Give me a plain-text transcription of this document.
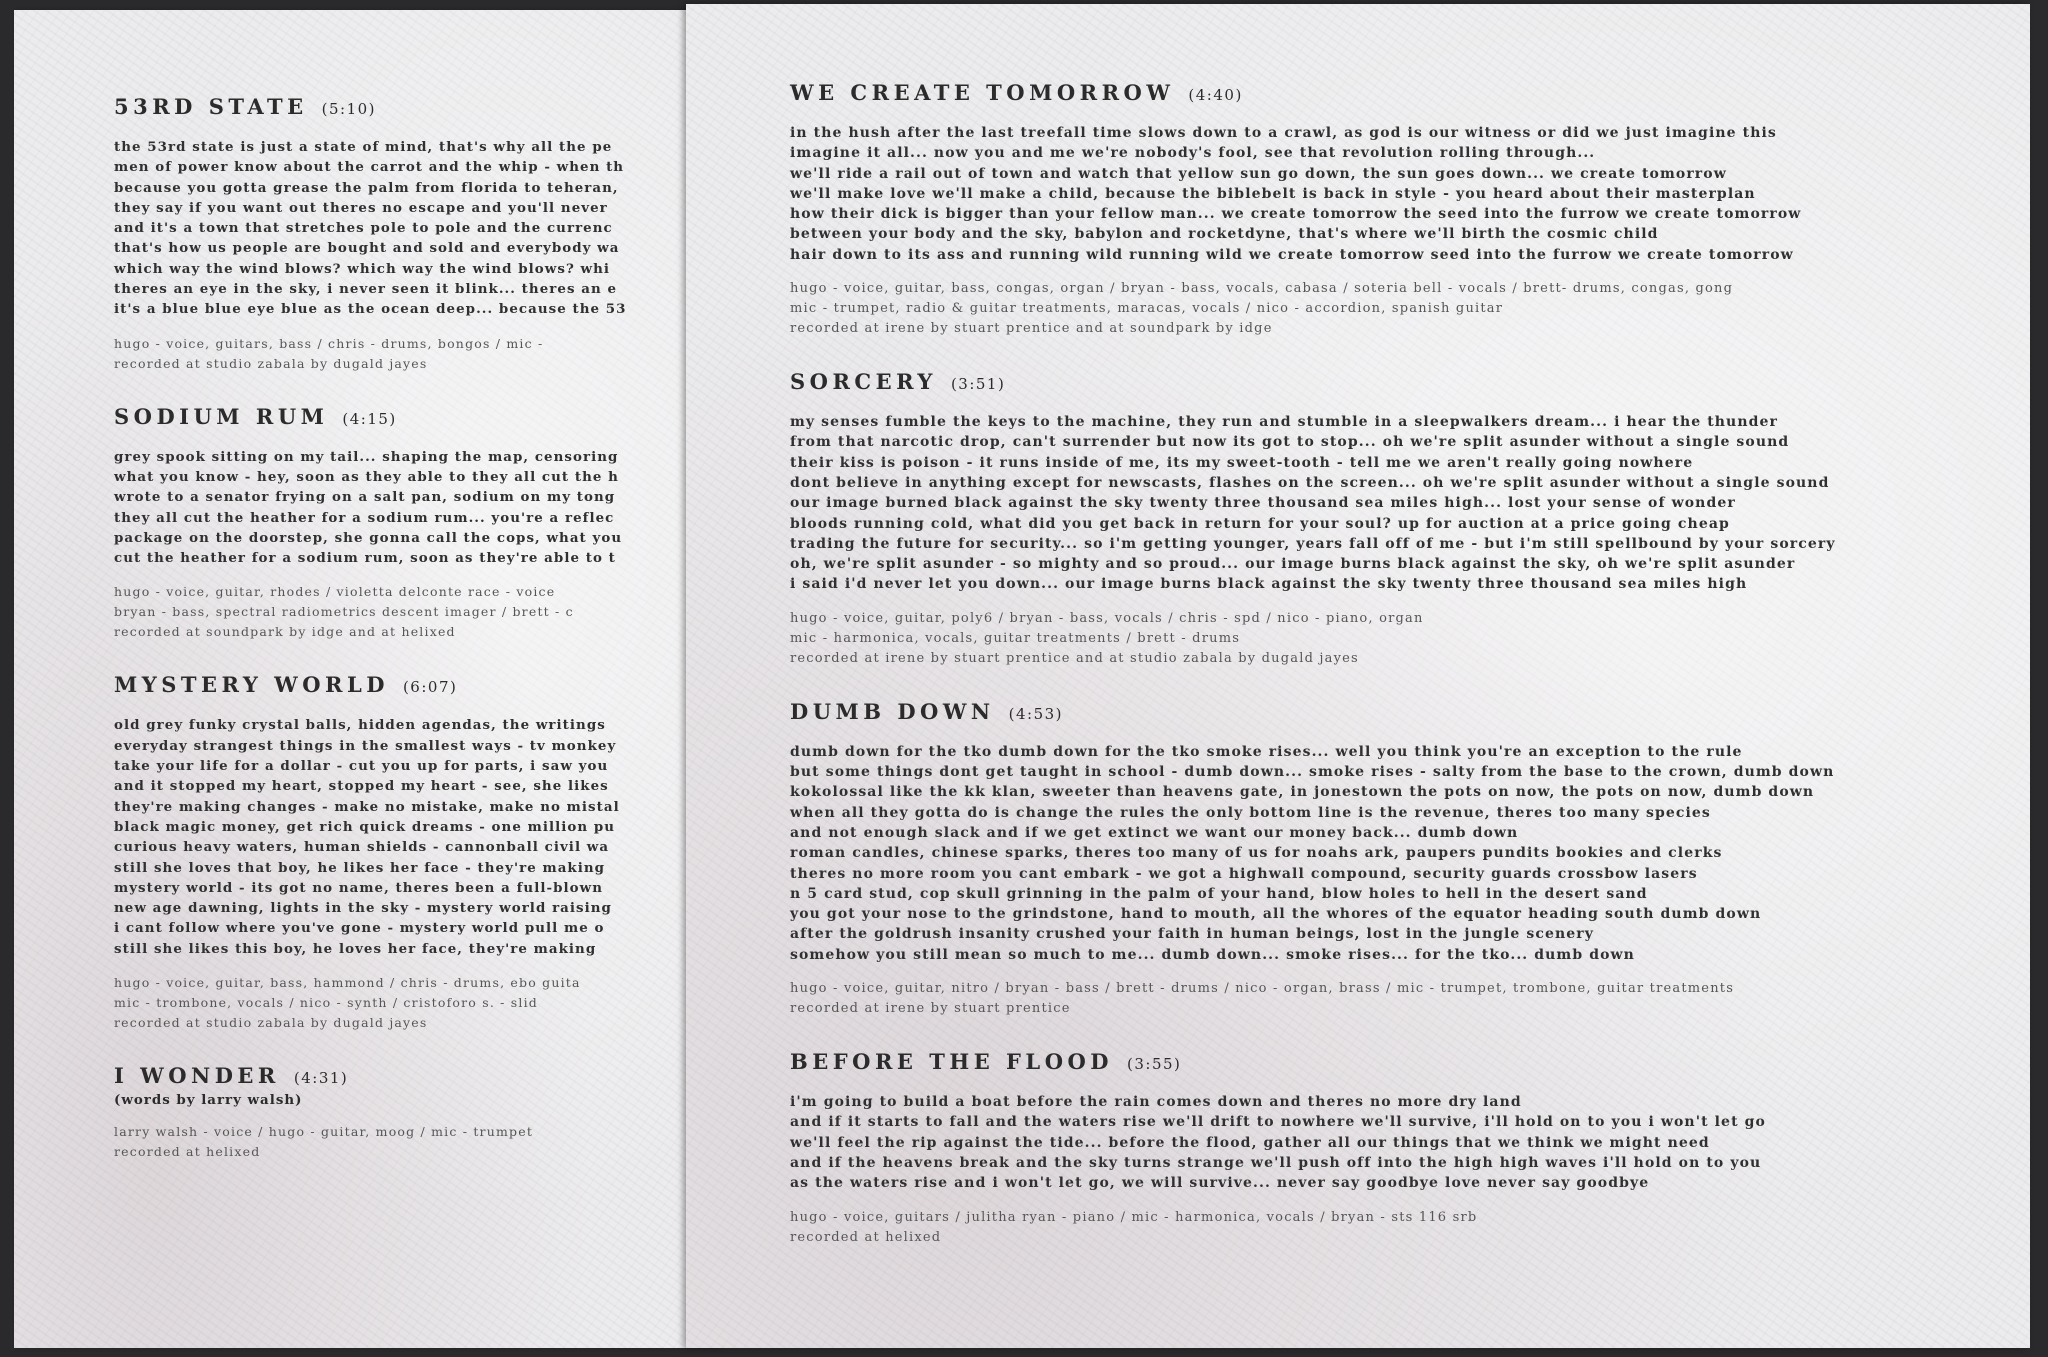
53RD STATE (5:10)
the 53rd state is just a state of mind, that's why all the pe
men of power know about the carrot and the whip - when th
because you gotta grease the palm from florida to teheran,
they say if you want out theres no escape and you'll never
and it's a town that stretches pole to pole and the currenc
that's how us people are bought and sold and everybody wa
which way the wind blows? which way the wind blows? whi
theres an eye in the sky, i never seen it blink... theres an e
it's a blue blue eye blue as the ocean deep... because the 53
hugo - voice, guitars, bass / chris - drums, bongos / mic -
recorded at studio zabala by dugald jayes
SODIUM RUM (4:15)
grey spook sitting on my tail... shaping the map, censoring
what you know - hey, soon as they able to they all cut the h
wrote to a senator frying on a salt pan, sodium on my tong
they all cut the heather for a sodium rum... you're a reflec
package on the doorstep, she gonna call the cops, what you
cut the heather for a sodium rum, soon as they're able to t
hugo - voice, guitar, rhodes / violetta delconte race - voice
bryan - bass, spectral radiometrics descent imager / brett - c
recorded at soundpark by idge and at helixed
MYSTERY WORLD (6:07)
old grey funky crystal balls, hidden agendas, the writings
everyday strangest things in the smallest ways - tv monkey
take your life for a dollar - cut you up for parts, i saw you
and it stopped my heart, stopped my heart - see, she likes
they're making changes - make no mistake, make no mistal
black magic money, get rich quick dreams - one million pu
curious heavy waters, human shields - cannonball civil wa
still she loves that boy, he likes her face - they're making
mystery world - its got no name, theres been a full-blown
new age dawning, lights in the sky - mystery world raising
i cant follow where you've gone - mystery world pull me o
still she likes this boy, he loves her face, they're making
hugo - voice, guitar, bass, hammond / chris - drums, ebo guita
mic - trombone, vocals / nico - synth / cristoforo s. - slid
recorded at studio zabala by dugald jayes
I WONDER (4:31)
(words by larry walsh)
larry walsh - voice / hugo - guitar, moog / mic - trumpet
recorded at helixed
WE CREATE TOMORROW (4:40)
in the hush after the last treefall time slows down to a crawl, as god is our witness or did we just imagine this
imagine it all... now you and me we're nobody's fool, see that revolution rolling through...
we'll ride a rail out of town and watch that yellow sun go down, the sun goes down... we create tomorrow
we'll make love we'll make a child, because the biblebelt is back in style - you heard about their masterplan
how their dick is bigger than your fellow man... we create tomorrow the seed into the furrow we create tomorrow
between your body and the sky, babylon and rocketdyne, that's where we'll birth the cosmic child
hair down to its ass and running wild running wild we create tomorrow seed into the furrow we create tomorrow
hugo - voice, guitar, bass, congas, organ / bryan - bass, vocals, cabasa / soteria bell - vocals / brett- drums, congas, gong
mic - trumpet, radio & guitar treatments, maracas, vocals / nico - accordion, spanish guitar
recorded at irene by stuart prentice and at soundpark by idge
SORCERY (3:51)
my senses fumble the keys to the machine, they run and stumble in a sleepwalkers dream... i hear the thunder
from that narcotic drop, can't surrender but now its got to stop... oh we're split asunder without a single sound
their kiss is poison - it runs inside of me, its my sweet-tooth - tell me we aren't really going nowhere
dont believe in anything except for newscasts, flashes on the screen... oh we're split asunder without a single sound
our image burned black against the sky twenty three thousand sea miles high... lost your sense of wonder
bloods running cold, what did you get back in return for your soul? up for auction at a price going cheap
trading the future for security... so i'm getting younger, years fall off of me - but i'm still spellbound by your sorcery
oh, we're split asunder - so mighty and so proud... our image burns black against the sky, oh we're split asunder
i said i'd never let you down... our image burns black against the sky twenty three thousand sea miles high
hugo - voice, guitar, poly6 / bryan - bass, vocals / chris - spd / nico - piano, organ
mic - harmonica, vocals, guitar treatments / brett - drums
recorded at irene by stuart prentice and at studio zabala by dugald jayes
DUMB DOWN (4:53)
dumb down for the tko dumb down for the tko smoke rises... well you think you're an exception to the rule
but some things dont get taught in school - dumb down... smoke rises - salty from the base to the crown, dumb down
kokolossal like the kk klan, sweeter than heavens gate, in jonestown the pots on now, the pots on now, dumb down
when all they gotta do is change the rules the only bottom line is the revenue, theres too many species
and not enough slack and if we get extinct we want our money back... dumb down
roman candles, chinese sparks, theres too many of us for noahs ark, paupers pundits bookies and clerks
theres no more room you cant embark - we got a highwall compound, security guards crossbow lasers
n 5 card stud, cop skull grinning in the palm of your hand, blow holes to hell in the desert sand
you got your nose to the grindstone, hand to mouth, all the whores of the equator heading south dumb down
after the goldrush insanity crushed your faith in human beings, lost in the jungle scenery
somehow you still mean so much to me... dumb down... smoke rises... for the tko... dumb down
hugo - voice, guitar, nitro / bryan - bass / brett - drums / nico - organ, brass / mic - trumpet, trombone, guitar treatments
recorded at irene by stuart prentice
BEFORE THE FLOOD (3:55)
i'm going to build a boat before the rain comes down and theres no more dry land
and if it starts to fall and the waters rise we'll drift to nowhere we'll survive, i'll hold on to you i won't let go
we'll feel the rip against the tide... before the flood, gather all our things that we think we might need
and if the heavens break and the sky turns strange we'll push off into the high high waves i'll hold on to you
as the waters rise and i won't let go, we will survive... never say goodbye love never say goodbye
hugo - voice, guitars / julitha ryan - piano / mic - harmonica, vocals / bryan - sts 116 srb
recorded at helixed
